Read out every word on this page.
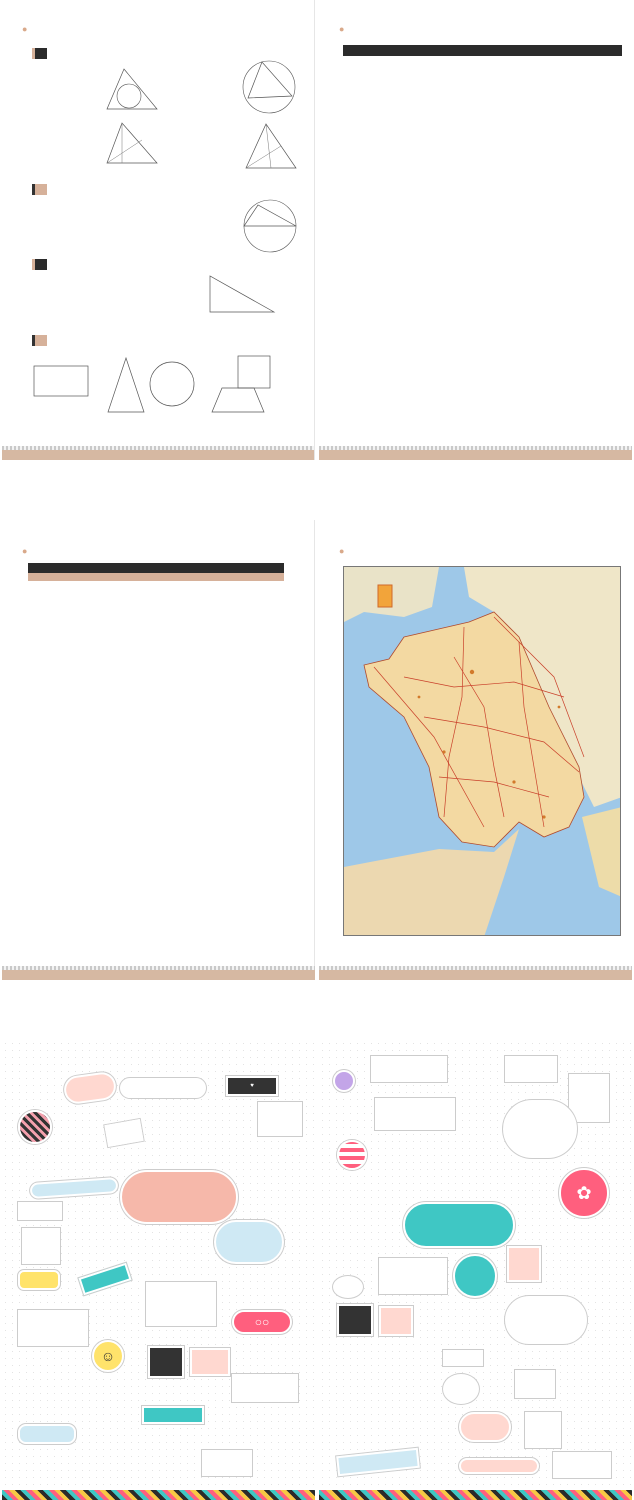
●	●
●	●
♥
☺
○○
✿
